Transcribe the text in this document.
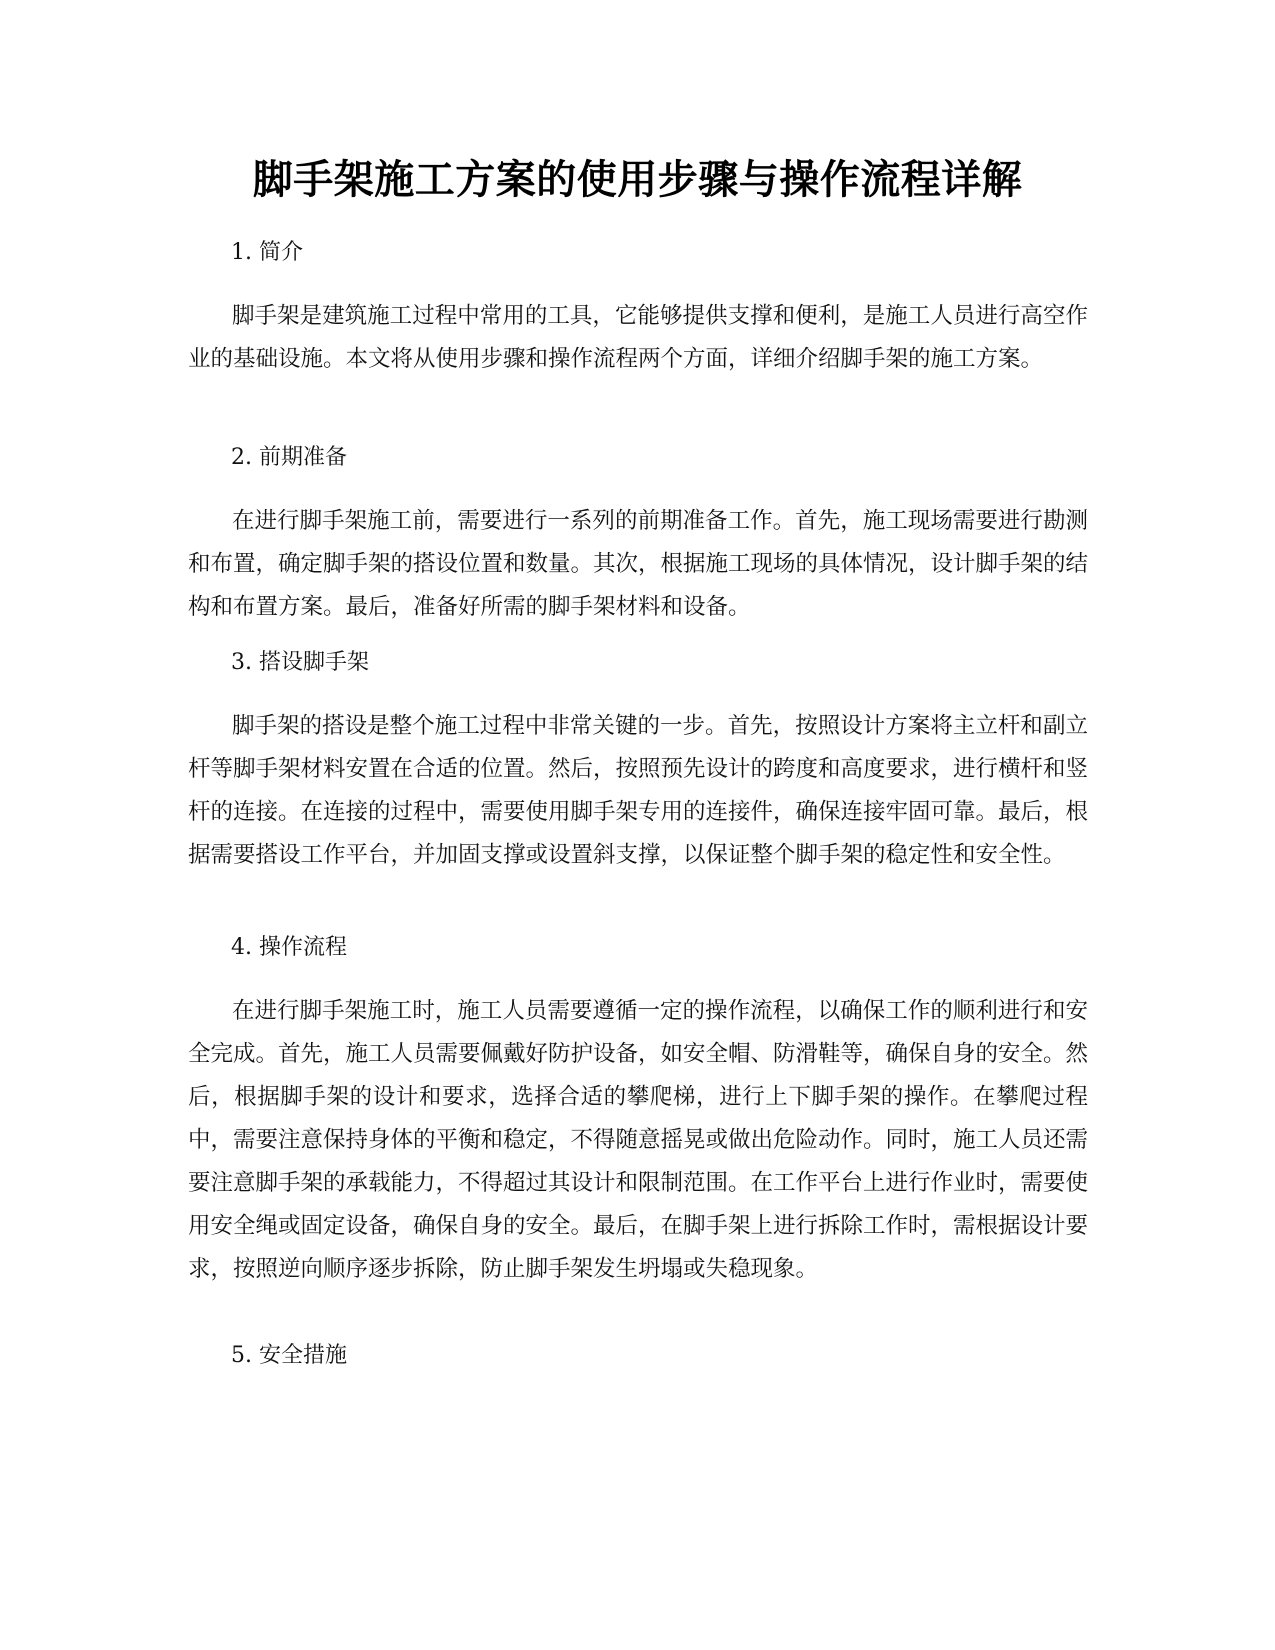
脚手架施工方案的使用步骤与操作流程详解
1. 简介

脚手架是建筑施工过程中常用的工具，它能够提供支撑和便利，是施工人员进行高空作业的基础设施。本文将从使用步骤和操作流程两个方面，详细介绍脚手架的施工方案。

2. 前期准备

在进行脚手架施工前，需要进行一系列的前期准备工作。首先，施工现场需要进行勘测和布置，确定脚手架的搭设位置和数量。其次，根据施工现场的具体情况，设计脚手架的结构和布置方案。最后，准备好所需的脚手架材料和设备。

3. 搭设脚手架

脚手架的搭设是整个施工过程中非常关键的一步。首先，按照设计方案将主立杆和副立杆等脚手架材料安置在合适的位置。然后，按照预先设计的跨度和高度要求，进行横杆和竖杆的连接。在连接的过程中，需要使用脚手架专用的连接件，确保连接牢固可靠。最后，根据需要搭设工作平台，并加固支撑或设置斜支撑，以保证整个脚手架的稳定性和安全性。

4. 操作流程

在进行脚手架施工时，施工人员需要遵循一定的操作流程，以确保工作的顺利进行和安全完成。首先，施工人员需要佩戴好防护设备，如安全帽、防滑鞋等，确保自身的安全。然后，根据脚手架的设计和要求，选择合适的攀爬梯，进行上下脚手架的操作。在攀爬过程中，需要注意保持身体的平衡和稳定，不得随意摇晃或做出危险动作。同时，施工人员还需要注意脚手架的承载能力，不得超过其设计和限制范围。在工作平台上进行作业时，需要使用安全绳或固定设备，确保自身的安全。最后，在脚手架上进行拆除工作时，需根据设计要求，按照逆向顺序逐步拆除，防止脚手架发生坍塌或失稳现象。

5. 安全措施
